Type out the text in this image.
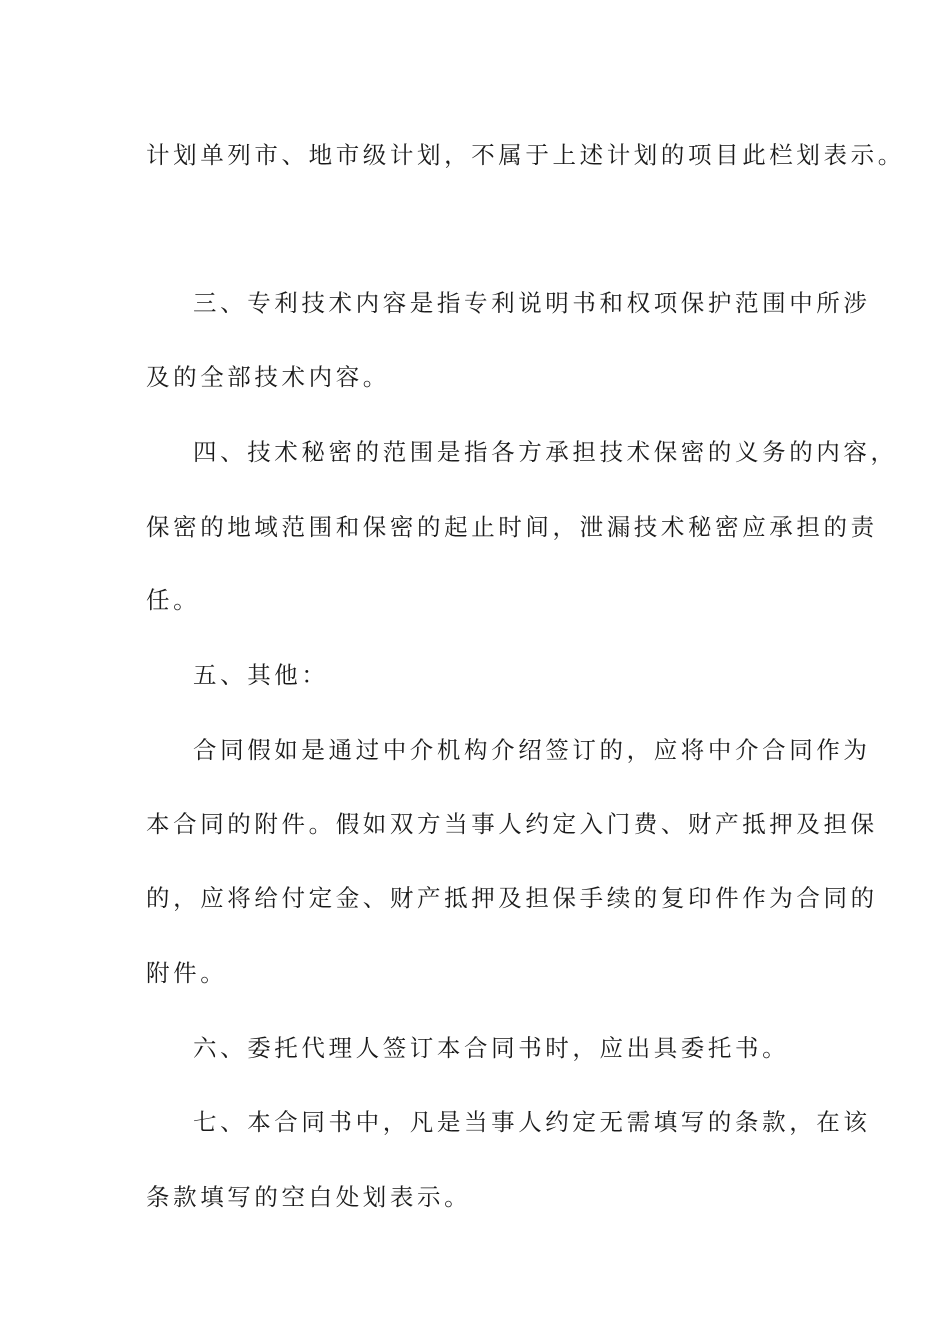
计划单列市、地市级计划，不属于上述计划的项目此栏划表示。

三、专利技术内容是指专利说明书和权项保护范围中所涉

及的全部技术内容。

四、技术秘密的范围是指各方承担技术保密的义务的内容，

保密的地域范围和保密的起止时间，泄漏技术秘密应承担的责

任。

五、其他：

合同假如是通过中介机构介绍签订的，应将中介合同作为

本合同的附件。假如双方当事人约定入门费、财产抵押及担保

的，应将给付定金、财产抵押及担保手续的复印件作为合同的

附件。

六、委托代理人签订本合同书时，应出具委托书。

七、本合同书中，凡是当事人约定无需填写的条款，在该

条款填写的空白处划表示。
